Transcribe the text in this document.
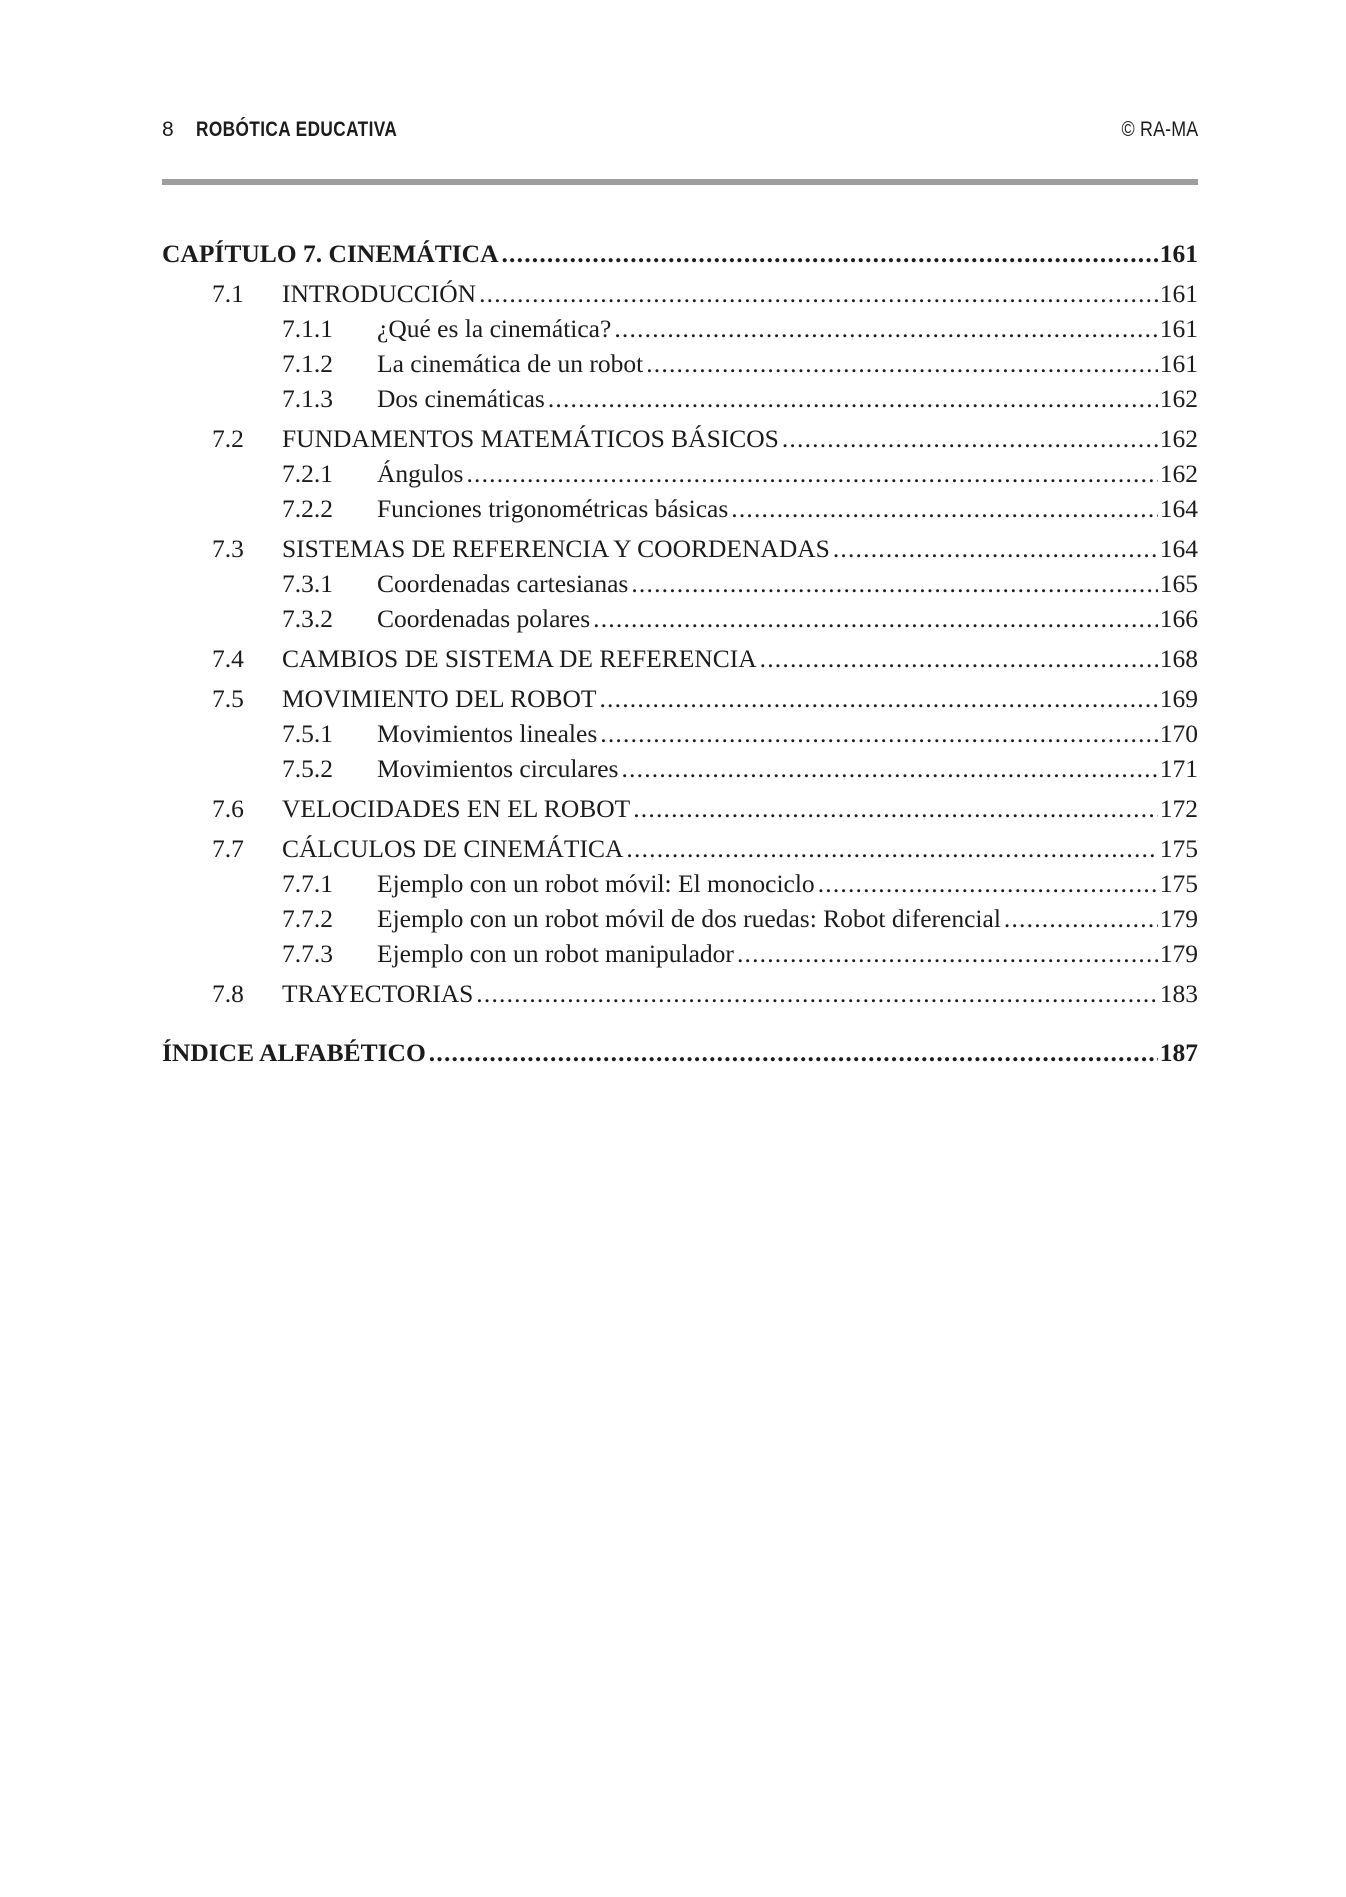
8 ROBÓTICA EDUCATIVA	© RA-MA
CAPÍTULO 7. CINEMÁTICA .....	161
7.1 INTRODUCCIÓN .....	161
7.1.1 ¿Qué es la cinemática? .....	161
7.1.2 La cinemática de un robot .....	161
7.1.3 Dos cinemáticas .....	162
7.2 FUNDAMENTOS MATEMÁTICOS BÁSICOS .....	162
7.2.1 Ángulos .....	162
7.2.2 Funciones trigonométricas básicas .....	164
7.3 SISTEMAS DE REFERENCIA Y COORDENADAS .....	164
7.3.1 Coordenadas cartesianas .....	165
7.3.2 Coordenadas polares .....	166
7.4 CAMBIOS DE SISTEMA DE REFERENCIA .....	168
7.5 MOVIMIENTO DEL ROBOT .....	169
7.5.1 Movimientos lineales .....	170
7.5.2 Movimientos circulares .....	171
7.6 VELOCIDADES EN EL ROBOT .....	172
7.7 CÁLCULOS DE CINEMÁTICA .....	175
7.7.1 Ejemplo con un robot móvil: El monociclo .....	175
7.7.2 Ejemplo con un robot móvil de dos ruedas: Robot diferencial .....	179
7.7.3 Ejemplo con un robot manipulador .....	179
7.8 TRAYECTORIAS .....	183
ÍNDICE ALFABÉTICO .....	187
